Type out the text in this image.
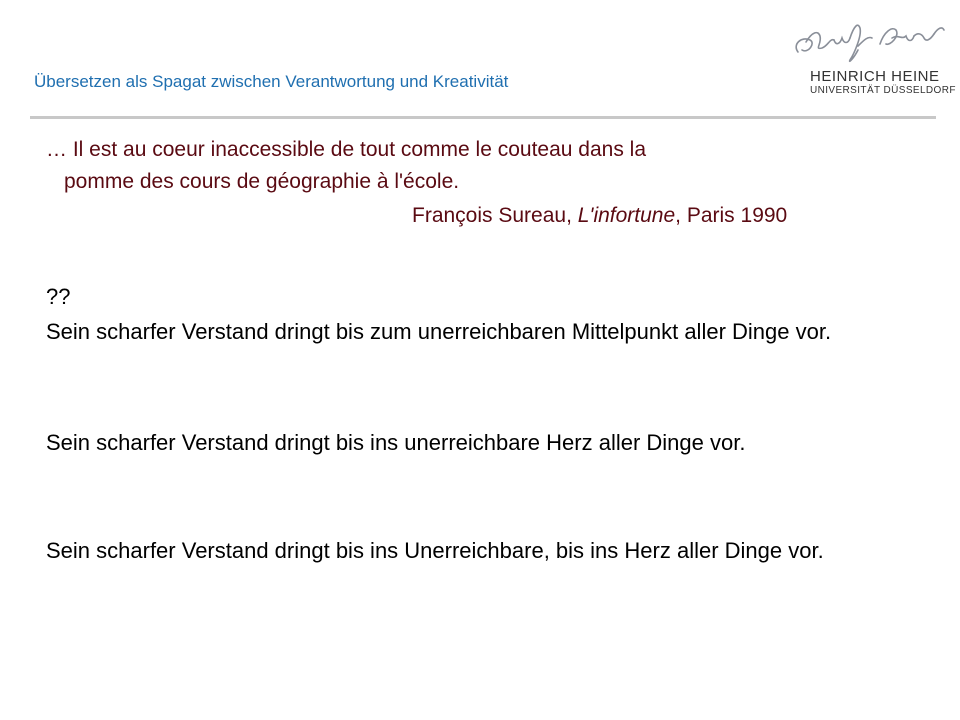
Übersetzen als Spagat zwischen Verantwortung und Kreativität	HEINRICH HEINE
UNIVERSITÄT DÜSSELDORF
… Il est au coeur inaccessible de tout comme le couteau dans la
pomme des cours de géographie à l'école.
François Sureau, L'infortune, Paris 1990
??
Sein scharfer Verstand dringt bis zum unerreichbaren Mittelpunkt aller Dinge vor.
Sein scharfer Verstand dringt bis ins unerreichbare Herz aller Dinge vor.
Sein scharfer Verstand dringt bis ins Unerreichbare, bis ins Herz aller Dinge vor.
